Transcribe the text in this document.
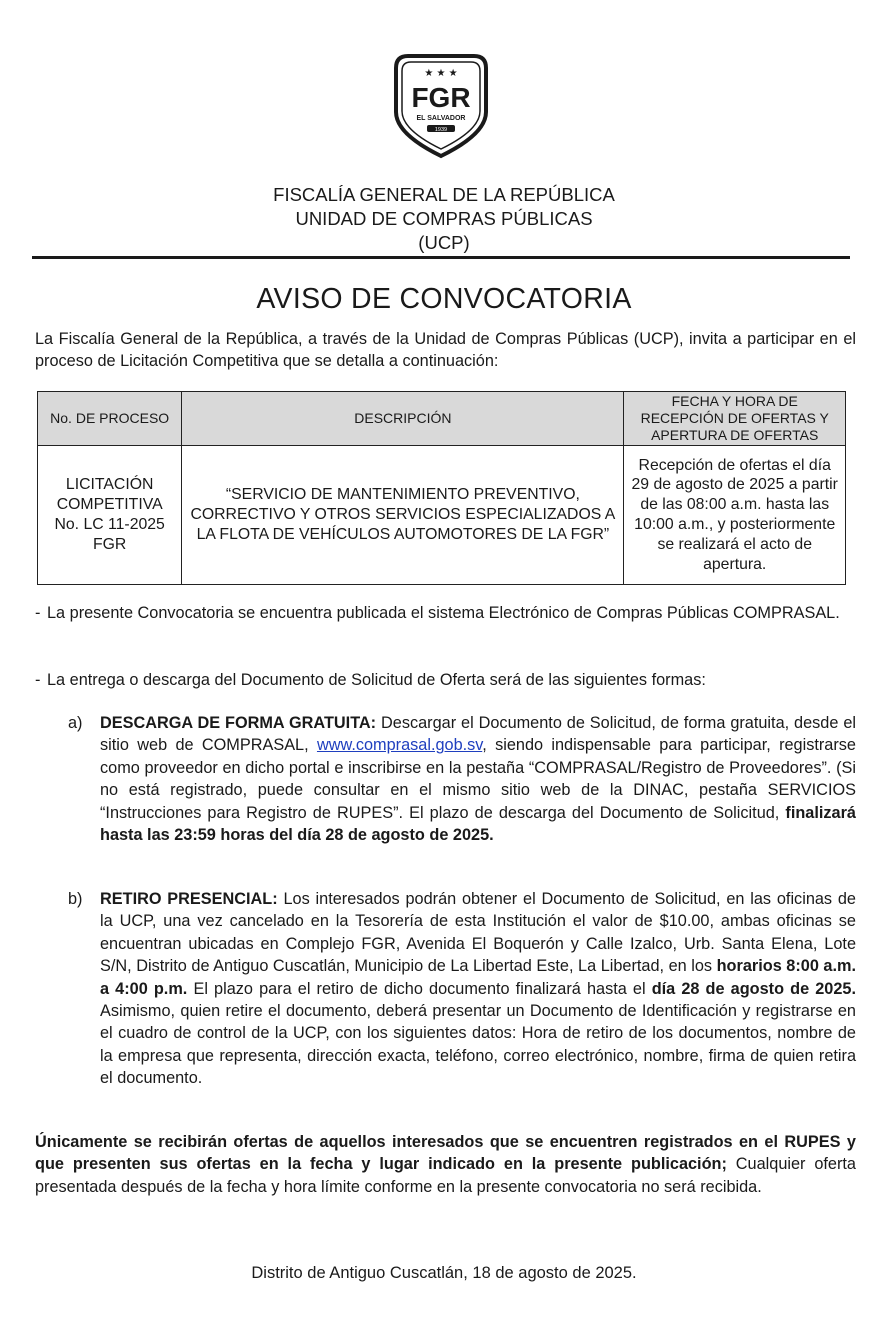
★ ★ ★
FGR
EL SALVADOR
1939
FISCALÍA GENERAL DE LA REPÚBLICA
UNIDAD DE COMPRAS PÚBLICAS
(UCP)
AVISO DE CONVOCATORIA
La Fiscalía General de la República, a través de la Unidad de Compras Públicas (UCP), invita a participar en el proceso de Licitación Competitiva que se detalla a continuación:
No. DE PROCESO	DESCRIPCIÓN	FECHA Y HORA DE RECEPCIÓN DE OFERTAS Y APERTURA DE OFERTAS
LICITACIÓN COMPETITIVA No. LC 11-2025 FGR	“SERVICIO DE MANTENIMIENTO PREVENTIVO, CORRECTIVO Y OTROS SERVICIOS ESPECIALIZADOS A LA FLOTA DE VEHÍCULOS AUTOMOTORES DE LA FGR”	Recepción de ofertas el día 29 de agosto de 2025 a partir de las 08:00 a.m. hasta las 10:00 a.m., y posteriormente se realizará el acto de apertura.
- La presente Convocatoria se encuentra publicada el sistema Electrónico de Compras Públicas COMPRASAL.
- La entrega o descarga del Documento de Solicitud de Oferta será de las siguientes formas:
a) DESCARGA DE FORMA GRATUITA: Descargar el Documento de Solicitud, de forma gratuita, desde el sitio web de COMPRASAL, www.comprasal.gob.sv, siendo indispensable para participar, registrarse como proveedor en dicho portal e inscribirse en la pestaña “COMPRASAL/Registro de Proveedores”. (Si no está registrado, puede consultar en el mismo sitio web de la DINAC, pestaña SERVICIOS “Instrucciones para Registro de RUPES”. El plazo de descarga del Documento de Solicitud, finalizará hasta las 23:59 horas del día 28 de agosto de 2025.
b) RETIRO PRESENCIAL: Los interesados podrán obtener el Documento de Solicitud, en las oficinas de la UCP, una vez cancelado en la Tesorería de esta Institución el valor de $10.00, ambas oficinas se encuentran ubicadas en Complejo FGR, Avenida El Boquerón y Calle Izalco, Urb. Santa Elena, Lote S/N, Distrito de Antiguo Cuscatlán, Municipio de La Libertad Este, La Libertad, en los horarios 8:00 a.m. a 4:00 p.m. El plazo para el retiro de dicho documento finalizará hasta el día 28 de agosto de 2025. Asimismo, quien retire el documento, deberá presentar un Documento de Identificación y registrarse en el cuadro de control de la UCP, con los siguientes datos: Hora de retiro de los documentos, nombre de la empresa que representa, dirección exacta, teléfono, correo electrónico, nombre, firma de quien retira el documento.
Únicamente se recibirán ofertas de aquellos interesados que se encuentren registrados en el RUPES y que presenten sus ofertas en la fecha y lugar indicado en la presente publicación; Cualquier oferta presentada después de la fecha y hora límite conforme en la presente convocatoria no será recibida.
Distrito de Antiguo Cuscatlán, 18 de agosto de 2025.
